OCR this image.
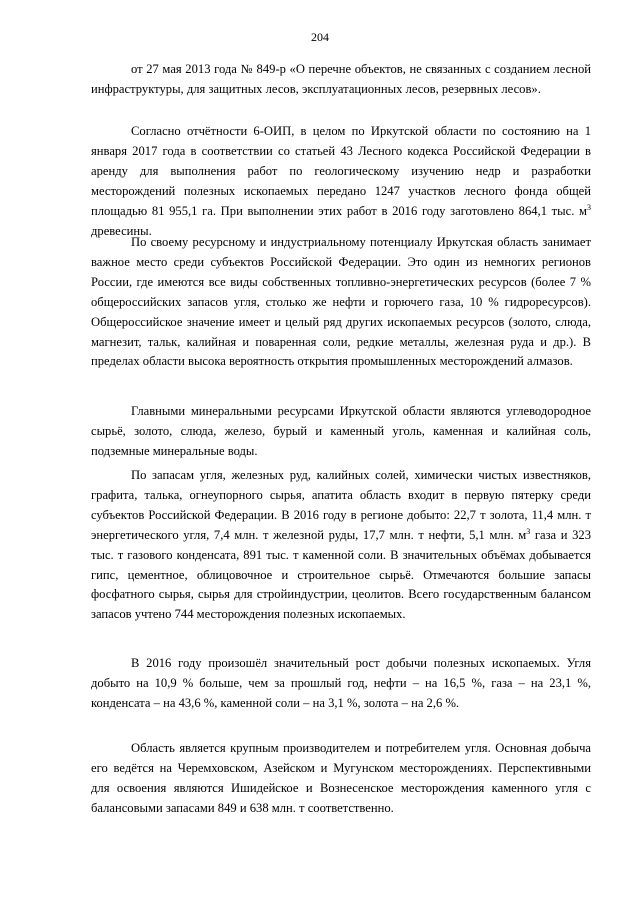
204

от 27 мая 2013 года № 849-р «О перечне объектов, не связанных с созданием лесной инфраструктуры, для защитных лесов, эксплуатационных лесов, резервных лесов».

Согласно отчётности 6-ОИП, в целом по Иркутской области по состоянию на 1 января 2017 года в соответствии со статьей 43 Лесного кодекса Российской Федерации в аренду для выполнения работ по геологическому изучению недр и разработки месторождений полезных ископаемых передано 1247 участков лесного фонда общей площадью 81 955,1 га. При выполнении этих работ в 2016 году заготовлено 864,1 тыс. $м^3$ древесины.

По своему ресурсному и индустриальному потенциалу Иркутская область занимает важное место среди субъектов Российской Федерации. Это один из немногих регионов России, где имеются все виды собственных топливно-энергетических ресурсов (более 7 % общероссийских запасов угля, столько же нефти и горючего газа, 10 % гидроресурсов). Общероссийское значение имеет и целый ряд других ископаемых ресурсов (золото, слюда, магнезит, тальк, калийная и поваренная соли, редкие металлы, железная руда и др.). В пределах области высока вероятность открытия промышленных месторождений алмазов.

Главными минеральными ресурсами Иркутской области являются углеводородное сырьё, золото, слюда, железо, бурый и каменный уголь, каменная и калийная соль, подземные минеральные воды.

По запасам угля, железных руд, калийных солей, химически чистых известняков, графита, талька, огнеупорного сырья, апатита область входит в первую пятерку среди субъектов Российской Федерации. В 2016 году в регионе добыто: 22,7 т золота, 11,4 млн. т энергетического угля, 7,4 млн. т железной руды, 17,7 млн. т нефти, 5,1 млн. $м^3$ газа и 323 тыс. т газового конденсата, 891 тыс. т каменной соли. В значительных объёмах добывается гипс, цементное, облицовочное и строительное сырьё. Отмечаются большие запасы фосфатного сырья, сырья для стройиндустрии, цеолитов. Всего государственным балансом запасов учтено 744 месторождения полезных ископаемых.

В 2016 году произошёл значительный рост добычи полезных ископаемых. Угля добыто на 10,9 % больше, чем за прошлый год, нефти – на 16,5 %, газа – на 23,1 %, конденсата – на 43,6 %, каменной соли – на 3,1 %, золота – на 2,6 %.

Область является крупным производителем и потребителем угля. Основная добыча его ведётся на Черемховском, Азейском и Мугунском месторождениях. Перспективными для освоения являются Ишидейское и Вознесенское месторождения каменного угля с балансовыми запасами 849 и 638 млн. т соответственно.
